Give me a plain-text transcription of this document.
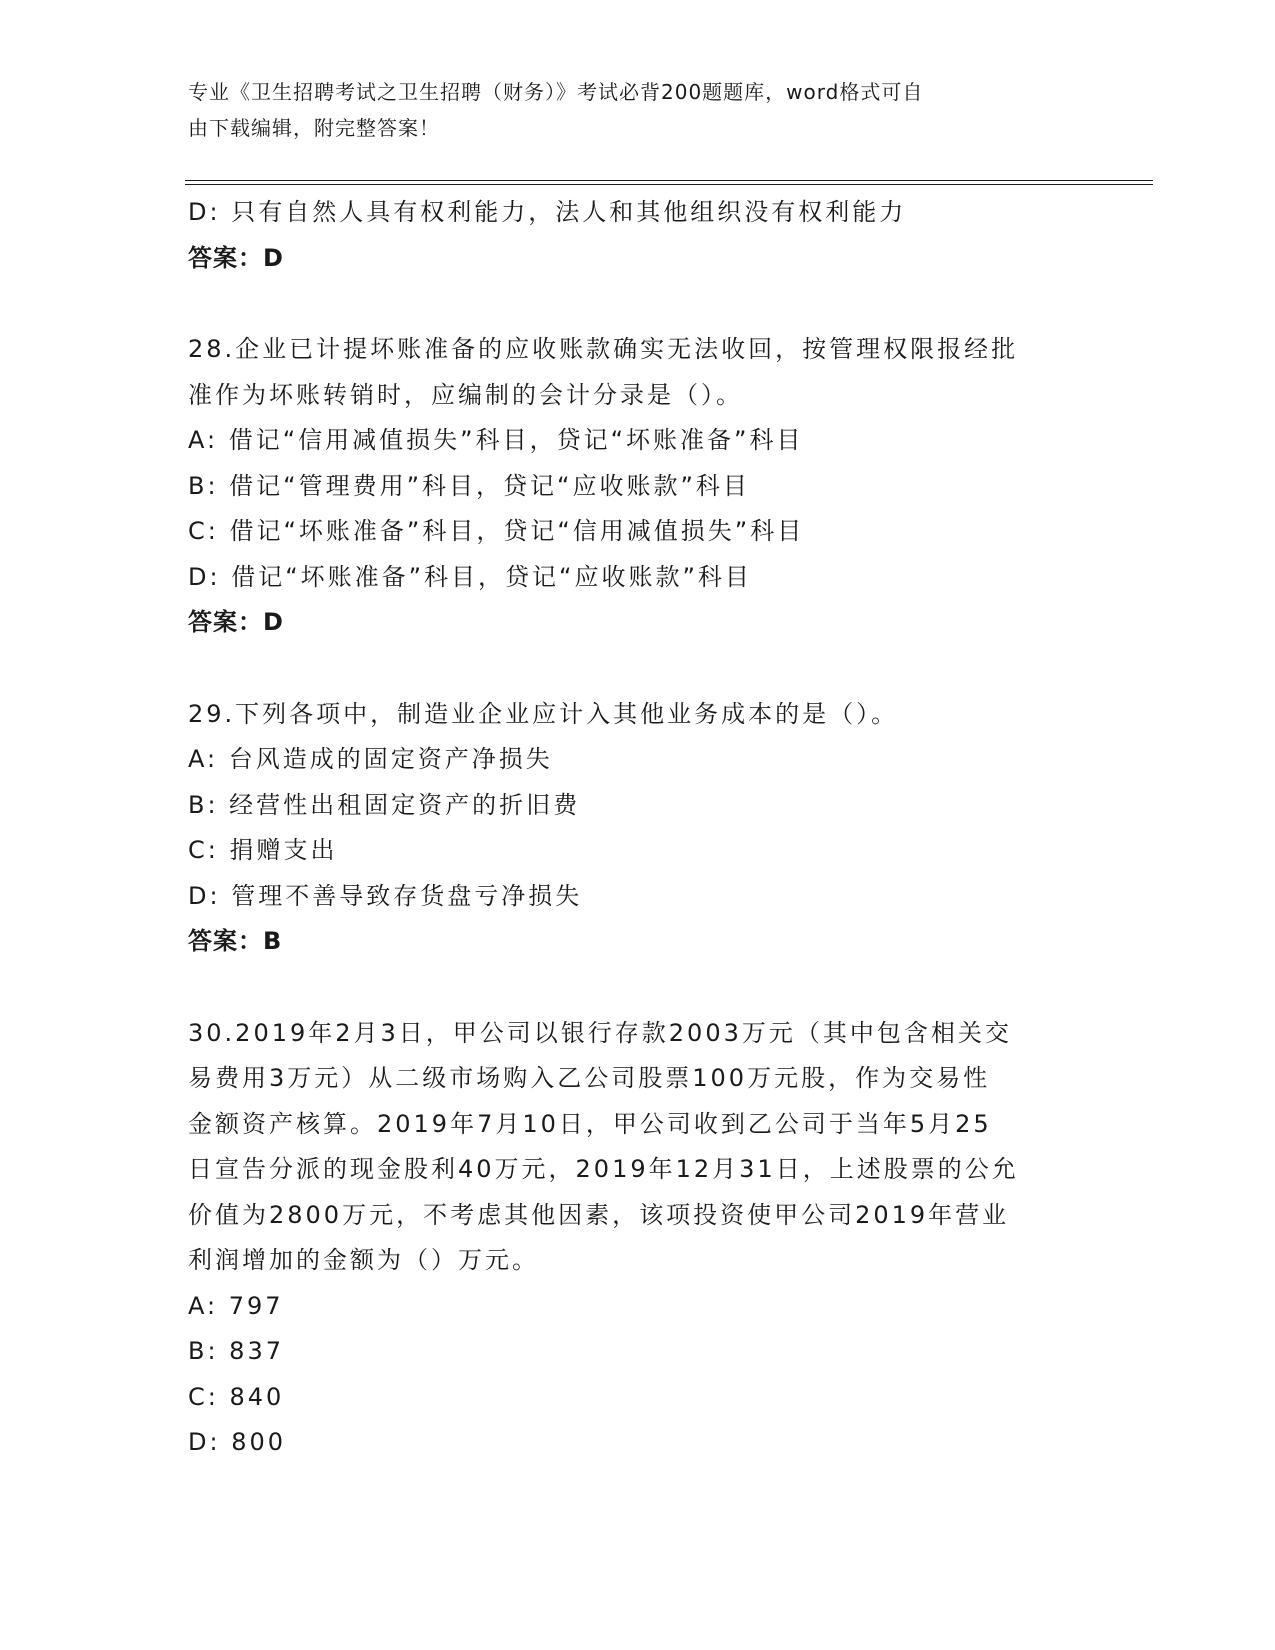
专业《卫生招聘考试之卫生招聘（财务）》考试必背200题题库，word格式可自
由下载编辑，附完整答案！
D: 只有自然人具有权利能力，法人和其他组织没有权利能力
答案：D
28.企业已计提坏账准备的应收账款确实无法收回，按管理权限报经批
准作为坏账转销时，应编制的会计分录是（）。
A: 借记“信用减值损失”科目，贷记“坏账准备”科目
B: 借记“管理费用”科目，贷记“应收账款”科目
C: 借记“坏账准备”科目，贷记“信用减值损失”科目
D: 借记“坏账准备”科目，贷记“应收账款”科目
答案：D
29.下列各项中，制造业企业应计入其他业务成本的是（）。
A: 台风造成的固定资产净损失
B: 经营性出租固定资产的折旧费
C: 捐赠支出
D: 管理不善导致存货盘亏净损失
答案：B
30.2019年2月3日，甲公司以银行存款2003万元（其中包含相关交
易费用3万元）从二级市场购入乙公司股票100万元股，作为交易性
金额资产核算。2019年7月10日，甲公司收到乙公司于当年5月25
日宣告分派的现金股利40万元，2019年12月31日，上述股票的公允
价值为2800万元，不考虑其他因素，该项投资使甲公司2019年营业
利润增加的金额为（）万元。
A: 797
B: 837
C: 840
D: 800
